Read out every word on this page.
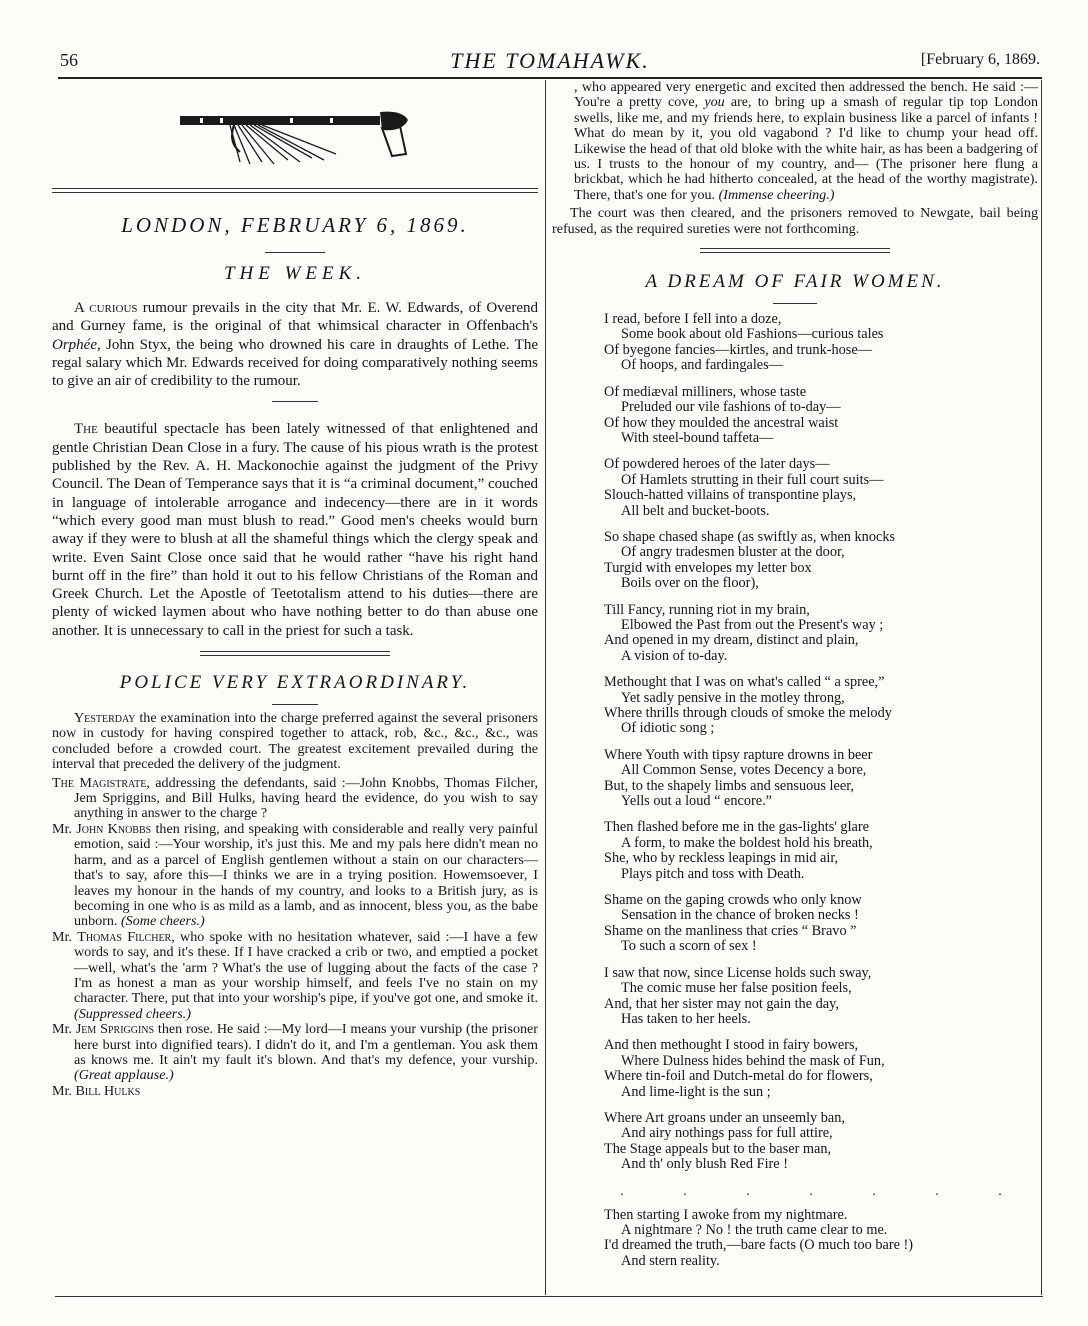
56	THE TOMAHAWK.	[February 6, 1869.
LONDON, FEBRUARY 6, 1869.
THE WEEK.

A curious rumour prevails in the city that Mr. E. W. Edwards, of Overend and Gurney fame, is the original of that whimsical character in Offenbach's Orphée, John Styx, the being who drowned his care in draughts of Lethe. The regal salary which Mr. Edwards received for doing comparatively nothing seems to give an air of credibility to the rumour.

The beautiful spectacle has been lately witnessed of that enlightened and gentle Christian Dean Close in a fury. The cause of his pious wrath is the protest published by the Rev. A. H. Mackonochie against the judgment of the Privy Council. The Dean of Temperance says that it is “a criminal document,” couched in language of intolerable arrogance and indecency—there are in it words “which every good man must blush to read.” Good men's cheeks would burn away if they were to blush at all the shameful things which the clergy speak and write. Even Saint Close once said that he would rather “have his right hand burnt off in the fire” than hold it out to his fellow Christians of the Roman and Greek Church. Let the Apostle of Teetotalism attend to his duties—there are plenty of wicked laymen about who have nothing better to do than abuse one another. It is unnecessary to call in the priest for such a task.

POLICE VERY EXTRAORDINARY.

Yesterday the examination into the charge preferred against the several prisoners now in custody for having conspired together to attack, rob, &c., &c., &c., was concluded before a crowded court. The greatest excitement prevailed during the interval that preceded the delivery of the judgment.

The Magistrate, addressing the defendants, said :—John Knobbs, Thomas Filcher, Jem Spriggins, and Bill Hulks, having heard the evidence, do you wish to say anything in answer to the charge ?

Mr. John Knobbs then rising, and speaking with considerable and really very painful emotion, said :—Your worship, it's just this. Me and my pals here didn't mean no harm, and as a parcel of English gentlemen without a stain on our characters—that's to say, afore this—I thinks we are in a trying position. Howemsoever, I leaves my honour in the hands of my country, and looks to a British jury, as is becoming in one who is as mild as a lamb, and as innocent, bless you, as the babe unborn. (Some cheers.)

Mr. Thomas Filcher, who spoke with no hesitation whatever, said :—I have a few words to say, and it's these. If I have cracked a crib or two, and emptied a pocket—well, what's the 'arm ? What's the use of lugging about the facts of the case ? I'm as honest a man as your worship himself, and feels I've no stain on my character. There, put that into your worship's pipe, if you've got one, and smoke it. (Suppressed cheers.)

Mr. Jem Spriggins then rose. He said :—My lord—I means your vurship (the prisoner here burst into dignified tears). I didn't do it, and I'm a gentleman. You ask them as knows me. It ain't my fault it's blown. And that's my defence, your vurship. (Great applause.)

Mr. Bill Hulks

, who appeared very energetic and excited then addressed the bench. He said :—You're a pretty cove, you are, to bring up a smash of regular tip top London swells, like me, and my friends here, to explain business like a parcel of infants ! What do mean by it, you old vagabond ? I'd like to chump your head off. Likewise the head of that old bloke with the white hair, as has been a badgering of us. I trusts to the honour of my country, and— (The prisoner here flung a brickbat, which he had hitherto concealed, at the head of the worthy magistrate). There, that's one for you. (Immense cheering.)

The court was then cleared, and the prisoners removed to Newgate, bail being refused, as the required sureties were not forthcoming.

A DREAM OF FAIR WOMEN.
I read, before I fell into a doze,
Some book about old Fashions—curious tales
Of byegone fancies—kirtles, and trunk-hose—
Of hoops, and fardingales—
Of mediæval milliners, whose taste
Preluded our vile fashions of to-day—
Of how they moulded the ancestral waist
With steel-bound taffeta—
Of powdered heroes of the later days—
Of Hamlets strutting in their full court suits—
Slouch-hatted villains of transpontine plays,
All belt and bucket-boots.
So shape chased shape (as swiftly as, when knocks
Of angry tradesmen bluster at the door,
Turgid with envelopes my letter box
Boils over on the floor),
Till Fancy, running riot in my brain,
Elbowed the Past from out the Present's way ;
And opened in my dream, distinct and plain,
A vision of to-day.
Methought that I was on what's called “ a spree,”
Yet sadly pensive in the motley throng,
Where thrills through clouds of smoke the melody
Of idiotic song ;
Where Youth with tipsy rapture drowns in beer
All Common Sense, votes Decency a bore,
But, to the shapely limbs and sensuous leer,
Yells out a loud “ encore.”
Then flashed before me in the gas-lights' glare
A form, to make the boldest hold his breath,
She, who by reckless leapings in mid air,
Plays pitch and toss with Death.
Shame on the gaping crowds who only know
Sensation in the chance of broken necks !
Shame on the manliness that cries “ Bravo ”
To such a scorn of sex !
I saw that now, since License holds such sway,
The comic muse her false position feels,
And, that her sister may not gain the day,
Has taken to her heels.
And then methought I stood in fairy bowers,
Where Dulness hides behind the mask of Fun,
Where tin-foil and Dutch-metal do for flowers,
And lime-light is the sun ;
Where Art groans under an unseemly ban,
And airy nothings pass for full attire,
The Stage appeals but to the baser man,
And th' only blush Red Fire !
. . . . . . .
Then starting I awoke from my nightmare.
A nightmare ? No ! the truth came clear to me.
I'd dreamed the truth,—bare facts (O much too bare !)
And stern reality.
